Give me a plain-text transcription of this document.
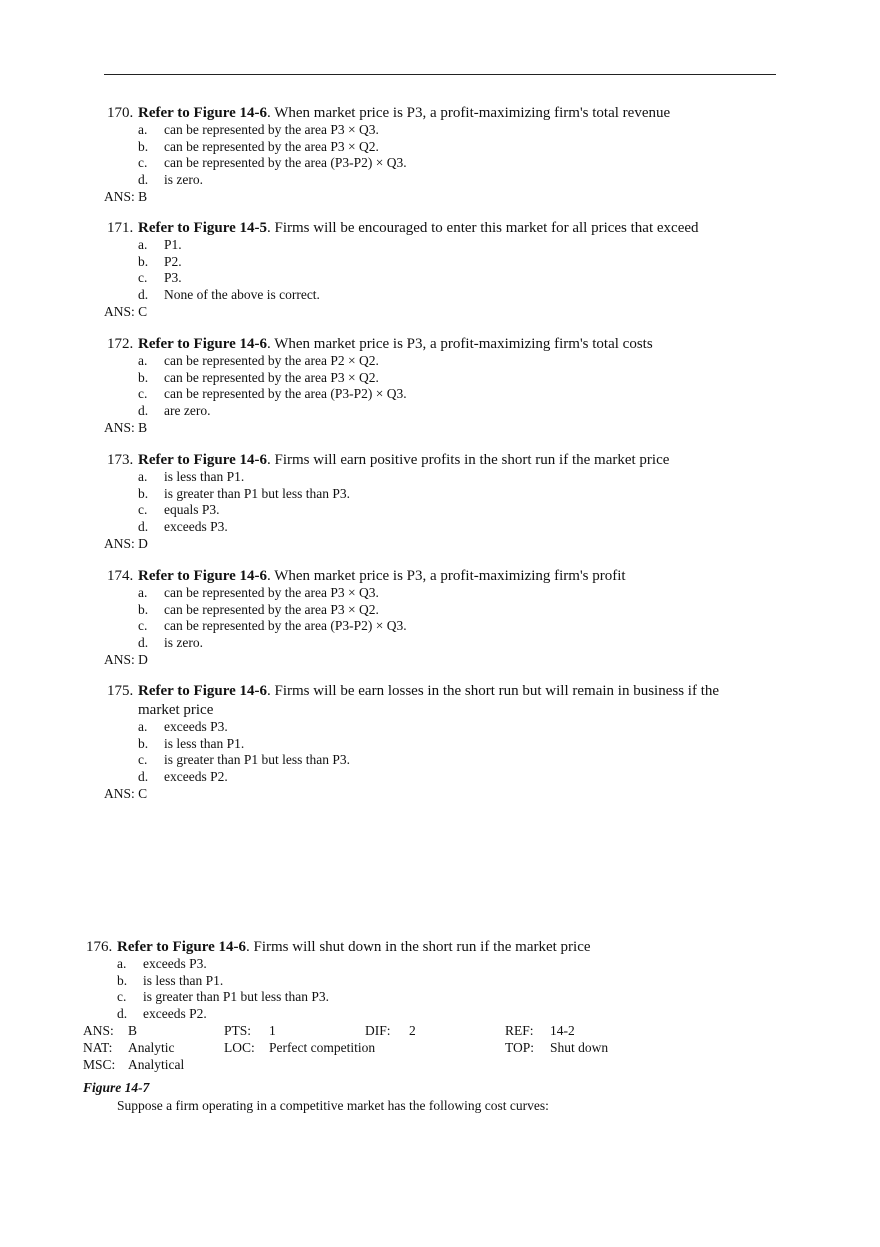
170. Refer to Figure 14-6. When market price is P3, a profit-maximizing firm's total revenue
a. can be represented by the area P3 × Q3.
b. can be represented by the area P3 × Q2.
c. can be represented by the area (P3-P2) × Q3.
d. is zero.
ANS: B
171. Refer to Figure 14-5. Firms will be encouraged to enter this market for all prices that exceed
a. P1.
b. P2.
c. P3.
d. None of the above is correct.
ANS: C
172. Refer to Figure 14-6. When market price is P3, a profit-maximizing firm's total costs
a. can be represented by the area P2 × Q2.
b. can be represented by the area P3 × Q2.
c. can be represented by the area (P3-P2) × Q3.
d. are zero.
ANS: B
173. Refer to Figure 14-6. Firms will earn positive profits in the short run if the market price
a. is less than P1.
b. is greater than P1 but less than P3.
c. equals P3.
d. exceeds P3.
ANS: D
174. Refer to Figure 14-6. When market price is P3, a profit-maximizing firm's profit
a. can be represented by the area P3 × Q3.
b. can be represented by the area P3 × Q2.
c. can be represented by the area (P3-P2) × Q3.
d. is zero.
ANS: D
175. Refer to Figure 14-6. Firms will be earn losses in the short run but will remain in business if the
market price
a. exceeds P3.
b. is less than P1.
c. is greater than P1 but less than P3.
d. exceeds P2.
ANS: C
176. Refer to Figure 14-6. Firms will shut down in the short run if the market price
a. exceeds P3.
b. is less than P1.
c. is greater than P1 but less than P3.
d. exceeds P2.
ANS: B	PTS: 1	DIF: 2	REF: 14-2
NAT: Analytic	LOC: Perfect competition	TOP: Shut down
MSC: Analytical
Figure 14-7
Suppose a firm operating in a competitive market has the following cost curves:
